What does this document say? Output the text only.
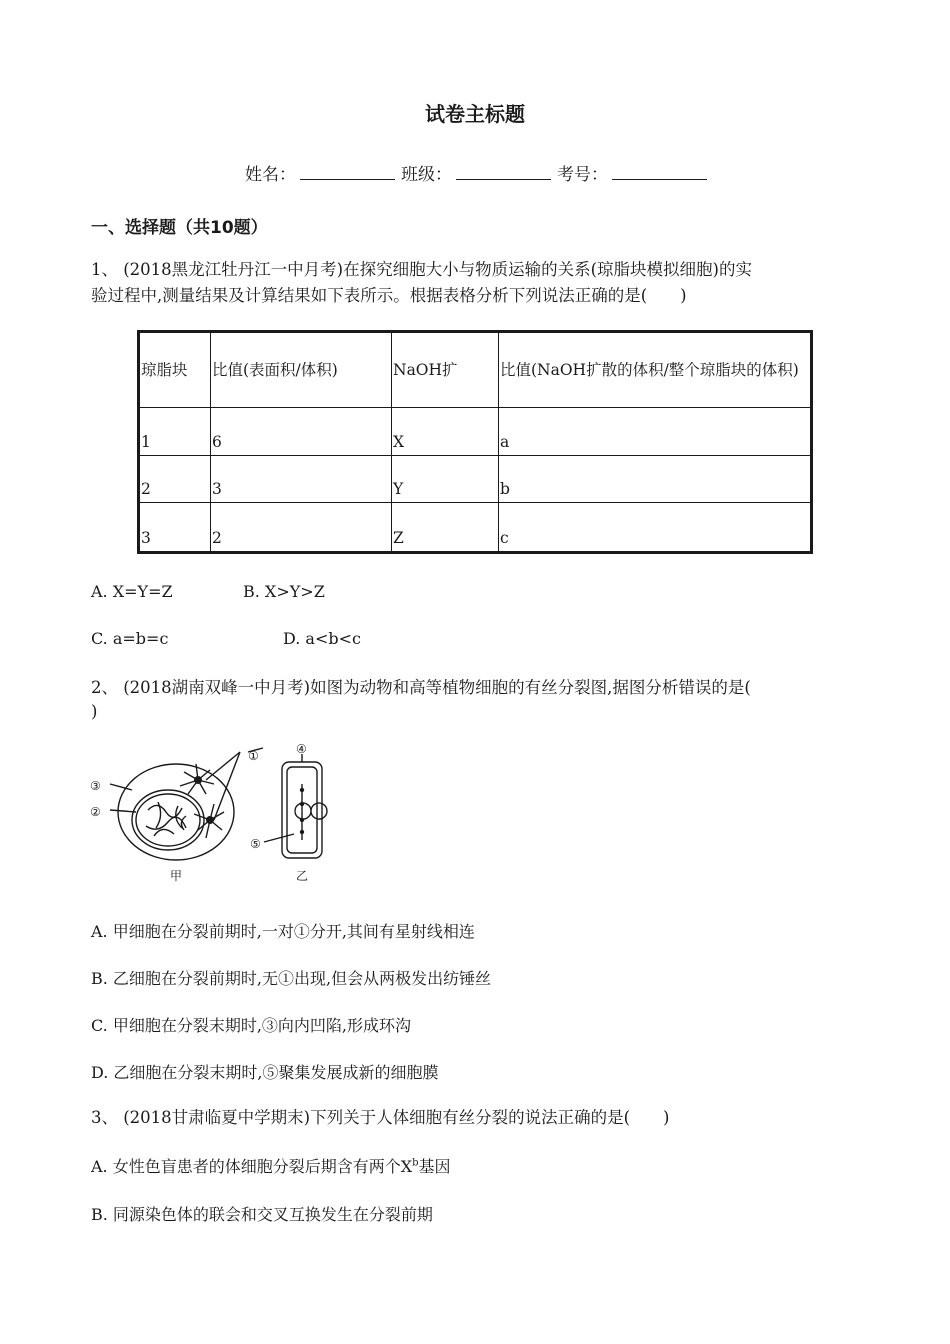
试卷主标题
姓名：	班级：	考号：
一、选择题（共10题）
1、 (2018黑龙江牡丹江一中月考)在探究细胞大小与物质运输的关系(琼脂块模拟细胞)的实
验过程中,测量结果及计算结果如下表所示。根据表格分析下列说法正确的是(　　)
琼脂块	比值(表面积/体积)	NaOH扩	比值(NaOH扩散的体积/整个琼脂块的体积)
1	6	X	a
2	3	Y	b
3	2	Z	c
A. X=Y=Z	B. X>Y>Z
C. a=b=c	D. a<b<c
2、 (2018湖南双峰一中月考)如图为动物和高等植物细胞的有丝分裂图,据图分析错误的是(
)
①
③
②
④
⑤
甲	乙
A. 甲细胞在分裂前期时,一对①分开,其间有星射线相连
B. 乙细胞在分裂前期时,无①出现,但会从两极发出纺锤丝
C. 甲细胞在分裂末期时,③向内凹陷,形成环沟
D. 乙细胞在分裂末期时,⑤聚集发展成新的细胞膜
3、 (2018甘肃临夏中学期末)下列关于人体细胞有丝分裂的说法正确的是(　　)
A. 女性色盲患者的体细胞分裂后期含有两个$X^b$基因
B. 同源染色体的联会和交叉互换发生在分裂前期
